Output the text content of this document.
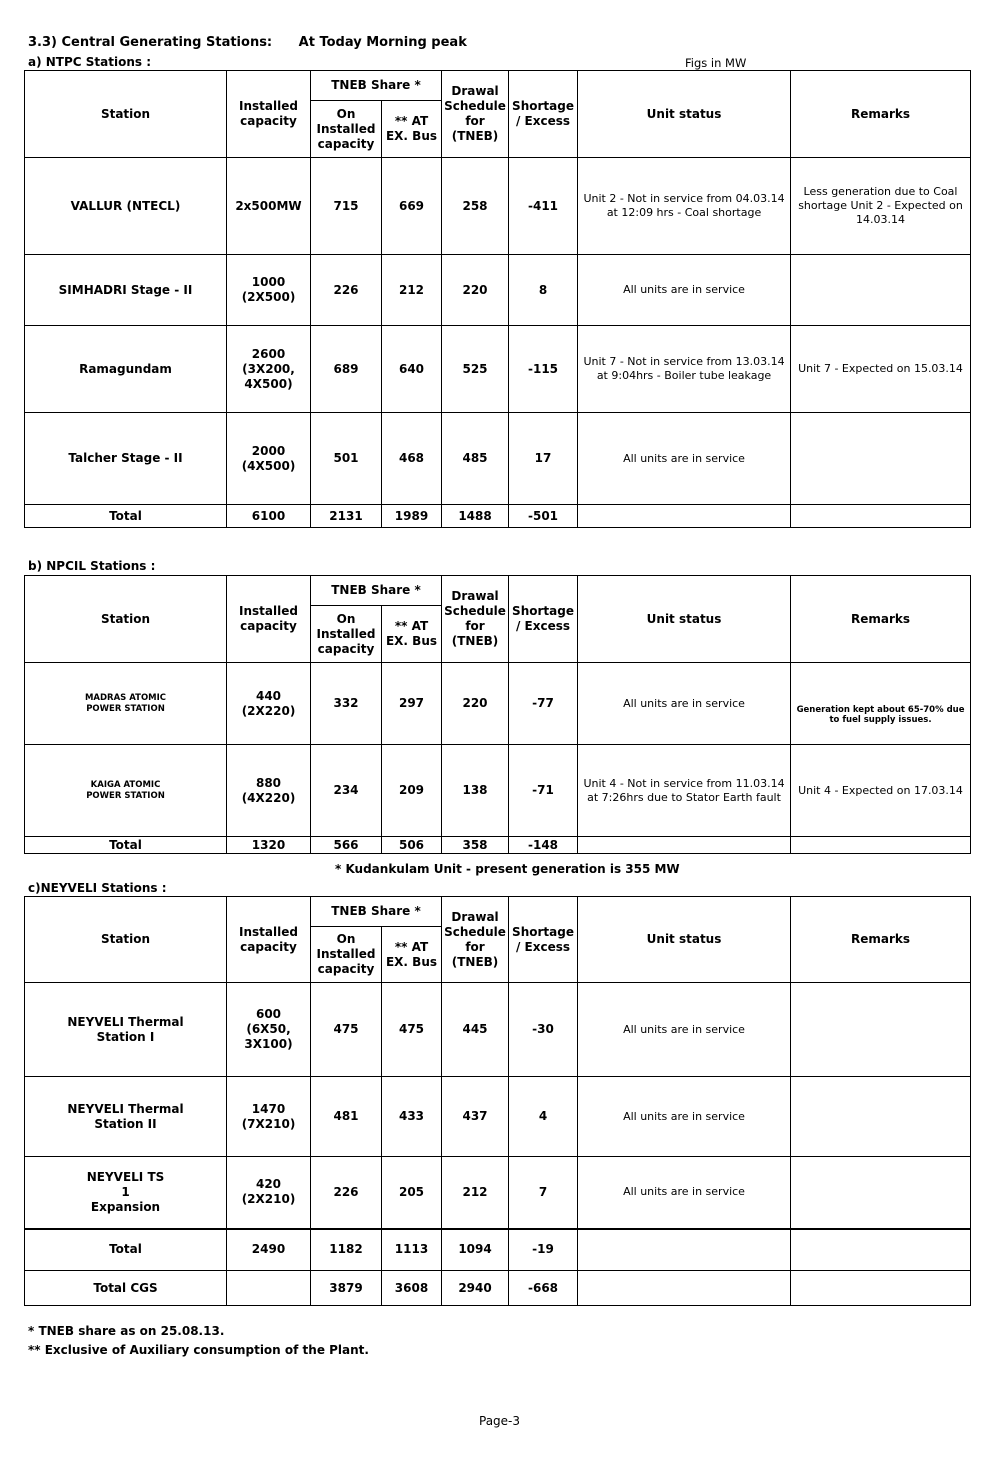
3.3) Central Generating Stations: At Today Morning peak
a) NTPC Stations :	Figs in MW
Station	Installed capacity	TNEB Share *		Drawal Schedule for (TNEB)	Shortage / Excess	Unit status	Remarks
		On Installed capacity	** AT EX. Bus				
VALLUR (NTECL)	2x500MW	715	669	258	-411	Unit 2 - Not in service from 04.03.14 at 12:09 hrs - Coal shortage	Less generation due to Coal shortage Unit 2 - Expected on 14.03.14
SIMHADRI Stage - II	1000 (2X500)	226	212	220	8	All units are in service	
Ramagundam	2600 (3X200, 4X500)	689	640	525	-115	Unit 7 - Not in service from 13.03.14 at 9:04hrs - Boiler tube leakage	Unit 7 - Expected on 15.03.14
Talcher Stage - II	2000 (4X500)	501	468	485	17	All units are in service	
Total	6100	2131	1989	1488	-501		
b) NPCIL Stations :
Station	Installed capacity	TNEB Share *		Drawal Schedule for (TNEB)	Shortage / Excess	Unit status	Remarks
		On Installed capacity	** AT EX. Bus				

MADRAS ATOMIC POWER STATION	440 (2X220)	332	297	220	-77	All units are in service	Generation kept about 65-70% due to fuel supply issues.

KAIGA ATOMIC POWER STATION	880 (4X220)	234	209	138	-71	Unit 4 - Not in service from 11.03.14 at 7:26hrs due to Stator Earth fault	Unit 4 - Expected on 17.03.14
Total	1320	566	506	358	-148		
* Kudankulam Unit - present generation is 355 MW
c)NEYVELI Stations :
Station	Installed capacity	TNEB Share *		Drawal Schedule for (TNEB)	Shortage / Excess	Unit status	Remarks
		On Installed capacity	** AT EX. Bus				

NEYVELI Thermal Station I	600 (6X50, 3X100)	475	475	445	-30	All units are in service	

NEYVELI Thermal Station II	1470 (7X210)	481	433	437	4	All units are in service	

NEYVELI TS 1 Expansion	420 (2X210)	226	205	212	7	All units are in service	
Total	2490	1182	1113	1094	-19		
Total CGS		3879	3608	2940	-668		
* TNEB share as on 25.08.13.
** Exclusive of Auxiliary consumption of the Plant.
Page-3
